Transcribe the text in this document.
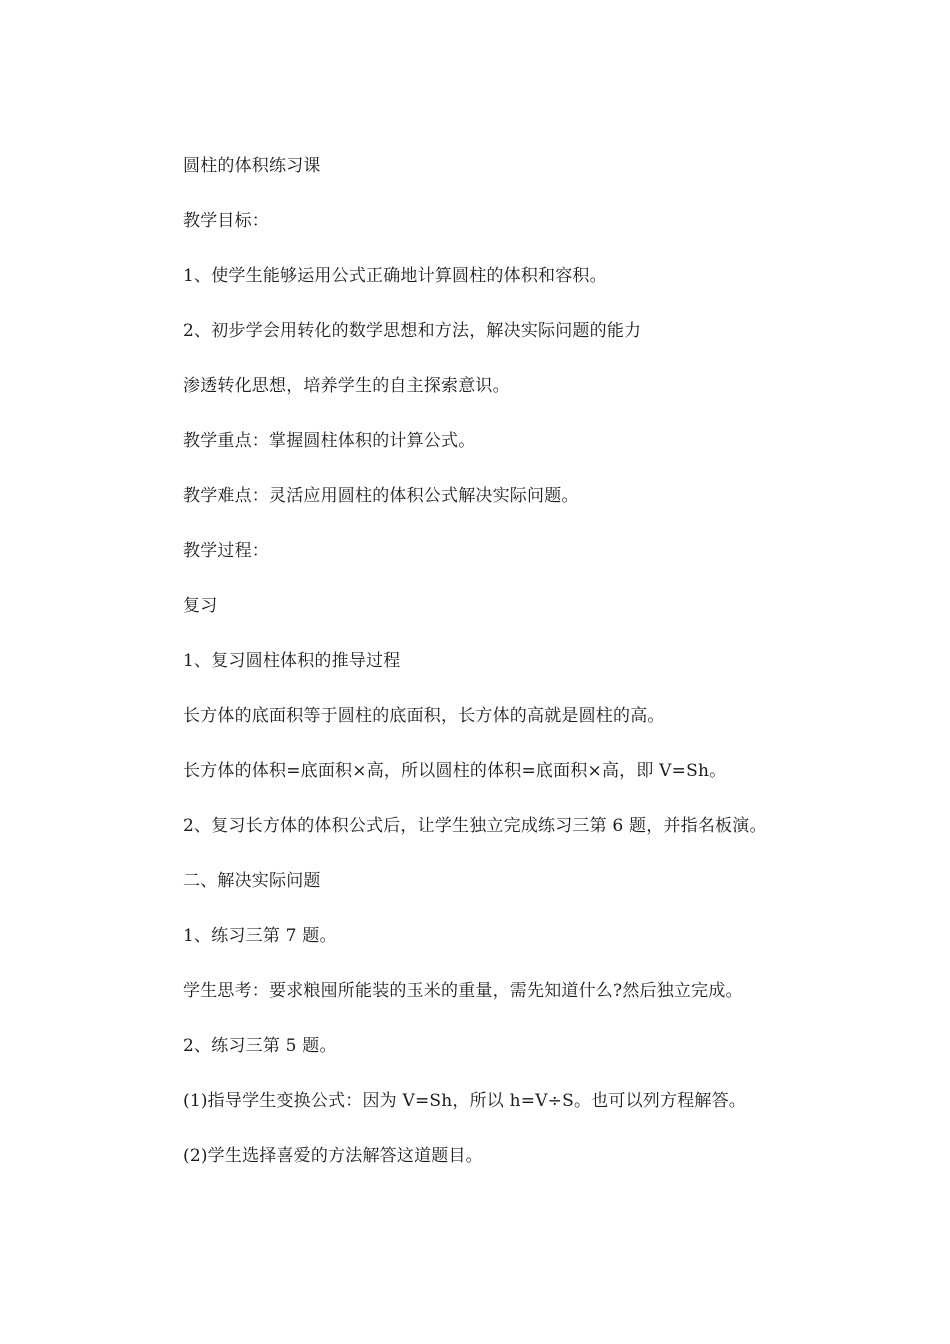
圆柱的体积练习课
教学目标：
1、使学生能够运用公式正确地计算圆柱的体积和容积。
2、初步学会用转化的数学思想和方法，解决实际问题的能力
渗透转化思想，培养学生的自主探索意识。
教学重点：掌握圆柱体积的计算公式。
教学难点：灵活应用圆柱的体积公式解决实际问题。
教学过程：
复习
1、复习圆柱体积的推导过程
长方体的底面积等于圆柱的底面积，长方体的高就是圆柱的高。
长方体的体积=底面积×高，所以圆柱的体积=底面积×高，即 V=Sh。
2、复习长方体的体积公式后，让学生独立完成练习三第 6 题，并指名板演。
二、解决实际问题
1、练习三第 7 题。
学生思考：要求粮囤所能装的玉米的重量，需先知道什么?然后独立完成。
2、练习三第 5 题。
(1)指导学生变换公式：因为 V=Sh，所以 h=V÷S。也可以列方程解答。
(2)学生选择喜爱的方法解答这道题目。
